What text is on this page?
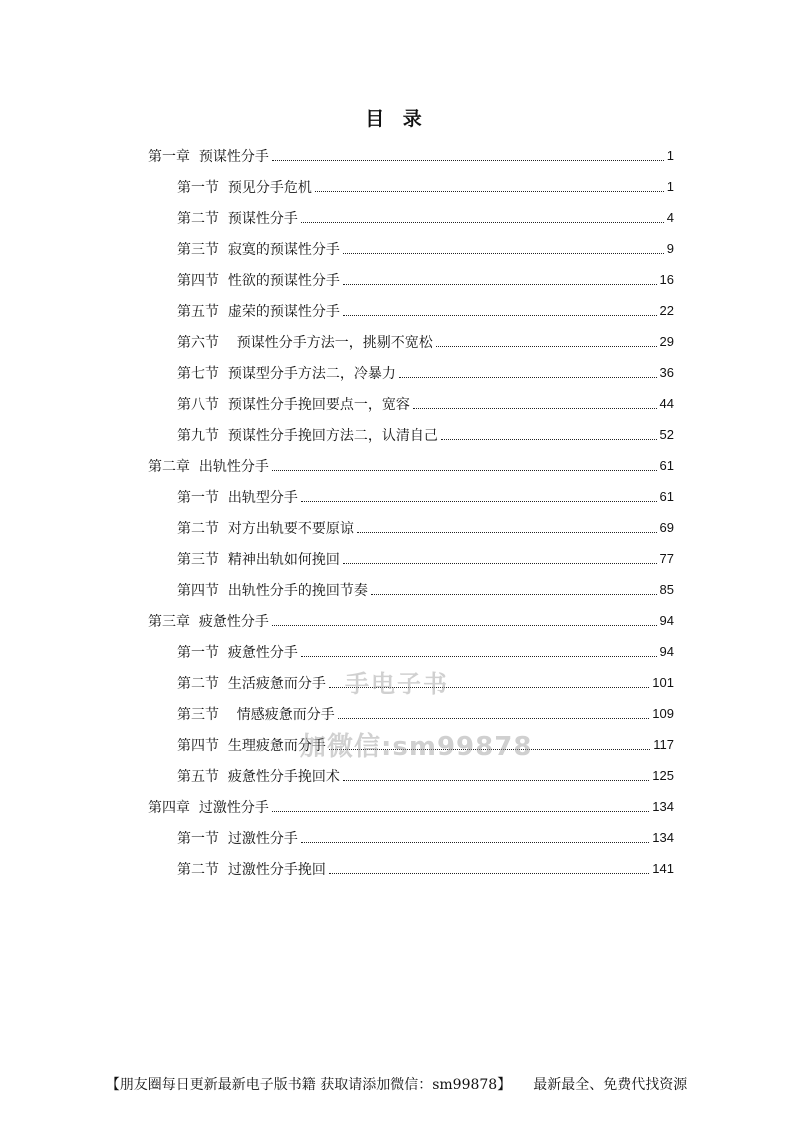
目 录
第一章  预谋性分手	1
第一节  预见分手危机	1
第二节  预谋性分手	4
第三节  寂寞的预谋性分手	9
第四节  性欲的预谋性分手	16
第五节  虚荣的预谋性分手	22
第六节    预谋性分手方法一，挑剔不宽松	29
第七节  预谋型分手方法二，冷暴力	36
第八节  预谋性分手挽回要点一，宽容	44
第九节  预谋性分手挽回方法二，认清自己	52
第二章  出轨性分手	61
第一节  出轨型分手	61
第二节  对方出轨要不要原谅	69
第三节  精神出轨如何挽回	77
第四节  出轨性分手的挽回节奏	85
第三章  疲惫性分手	94
第一节  疲惫性分手	94
第二节  生活疲惫而分手	101
第三节    情感疲惫而分手	109
第四节  生理疲惫而分手	117
第五节  疲惫性分手挽回术	125
第四章  过激性分手	134
第一节  过激性分手	134
第二节  过激性分手挽回	141
手电子书
加微信:sm99878
【朋友圈每日更新最新电子版书籍 获取请添加微信：sm99878】 最新最全、免费代找资源
